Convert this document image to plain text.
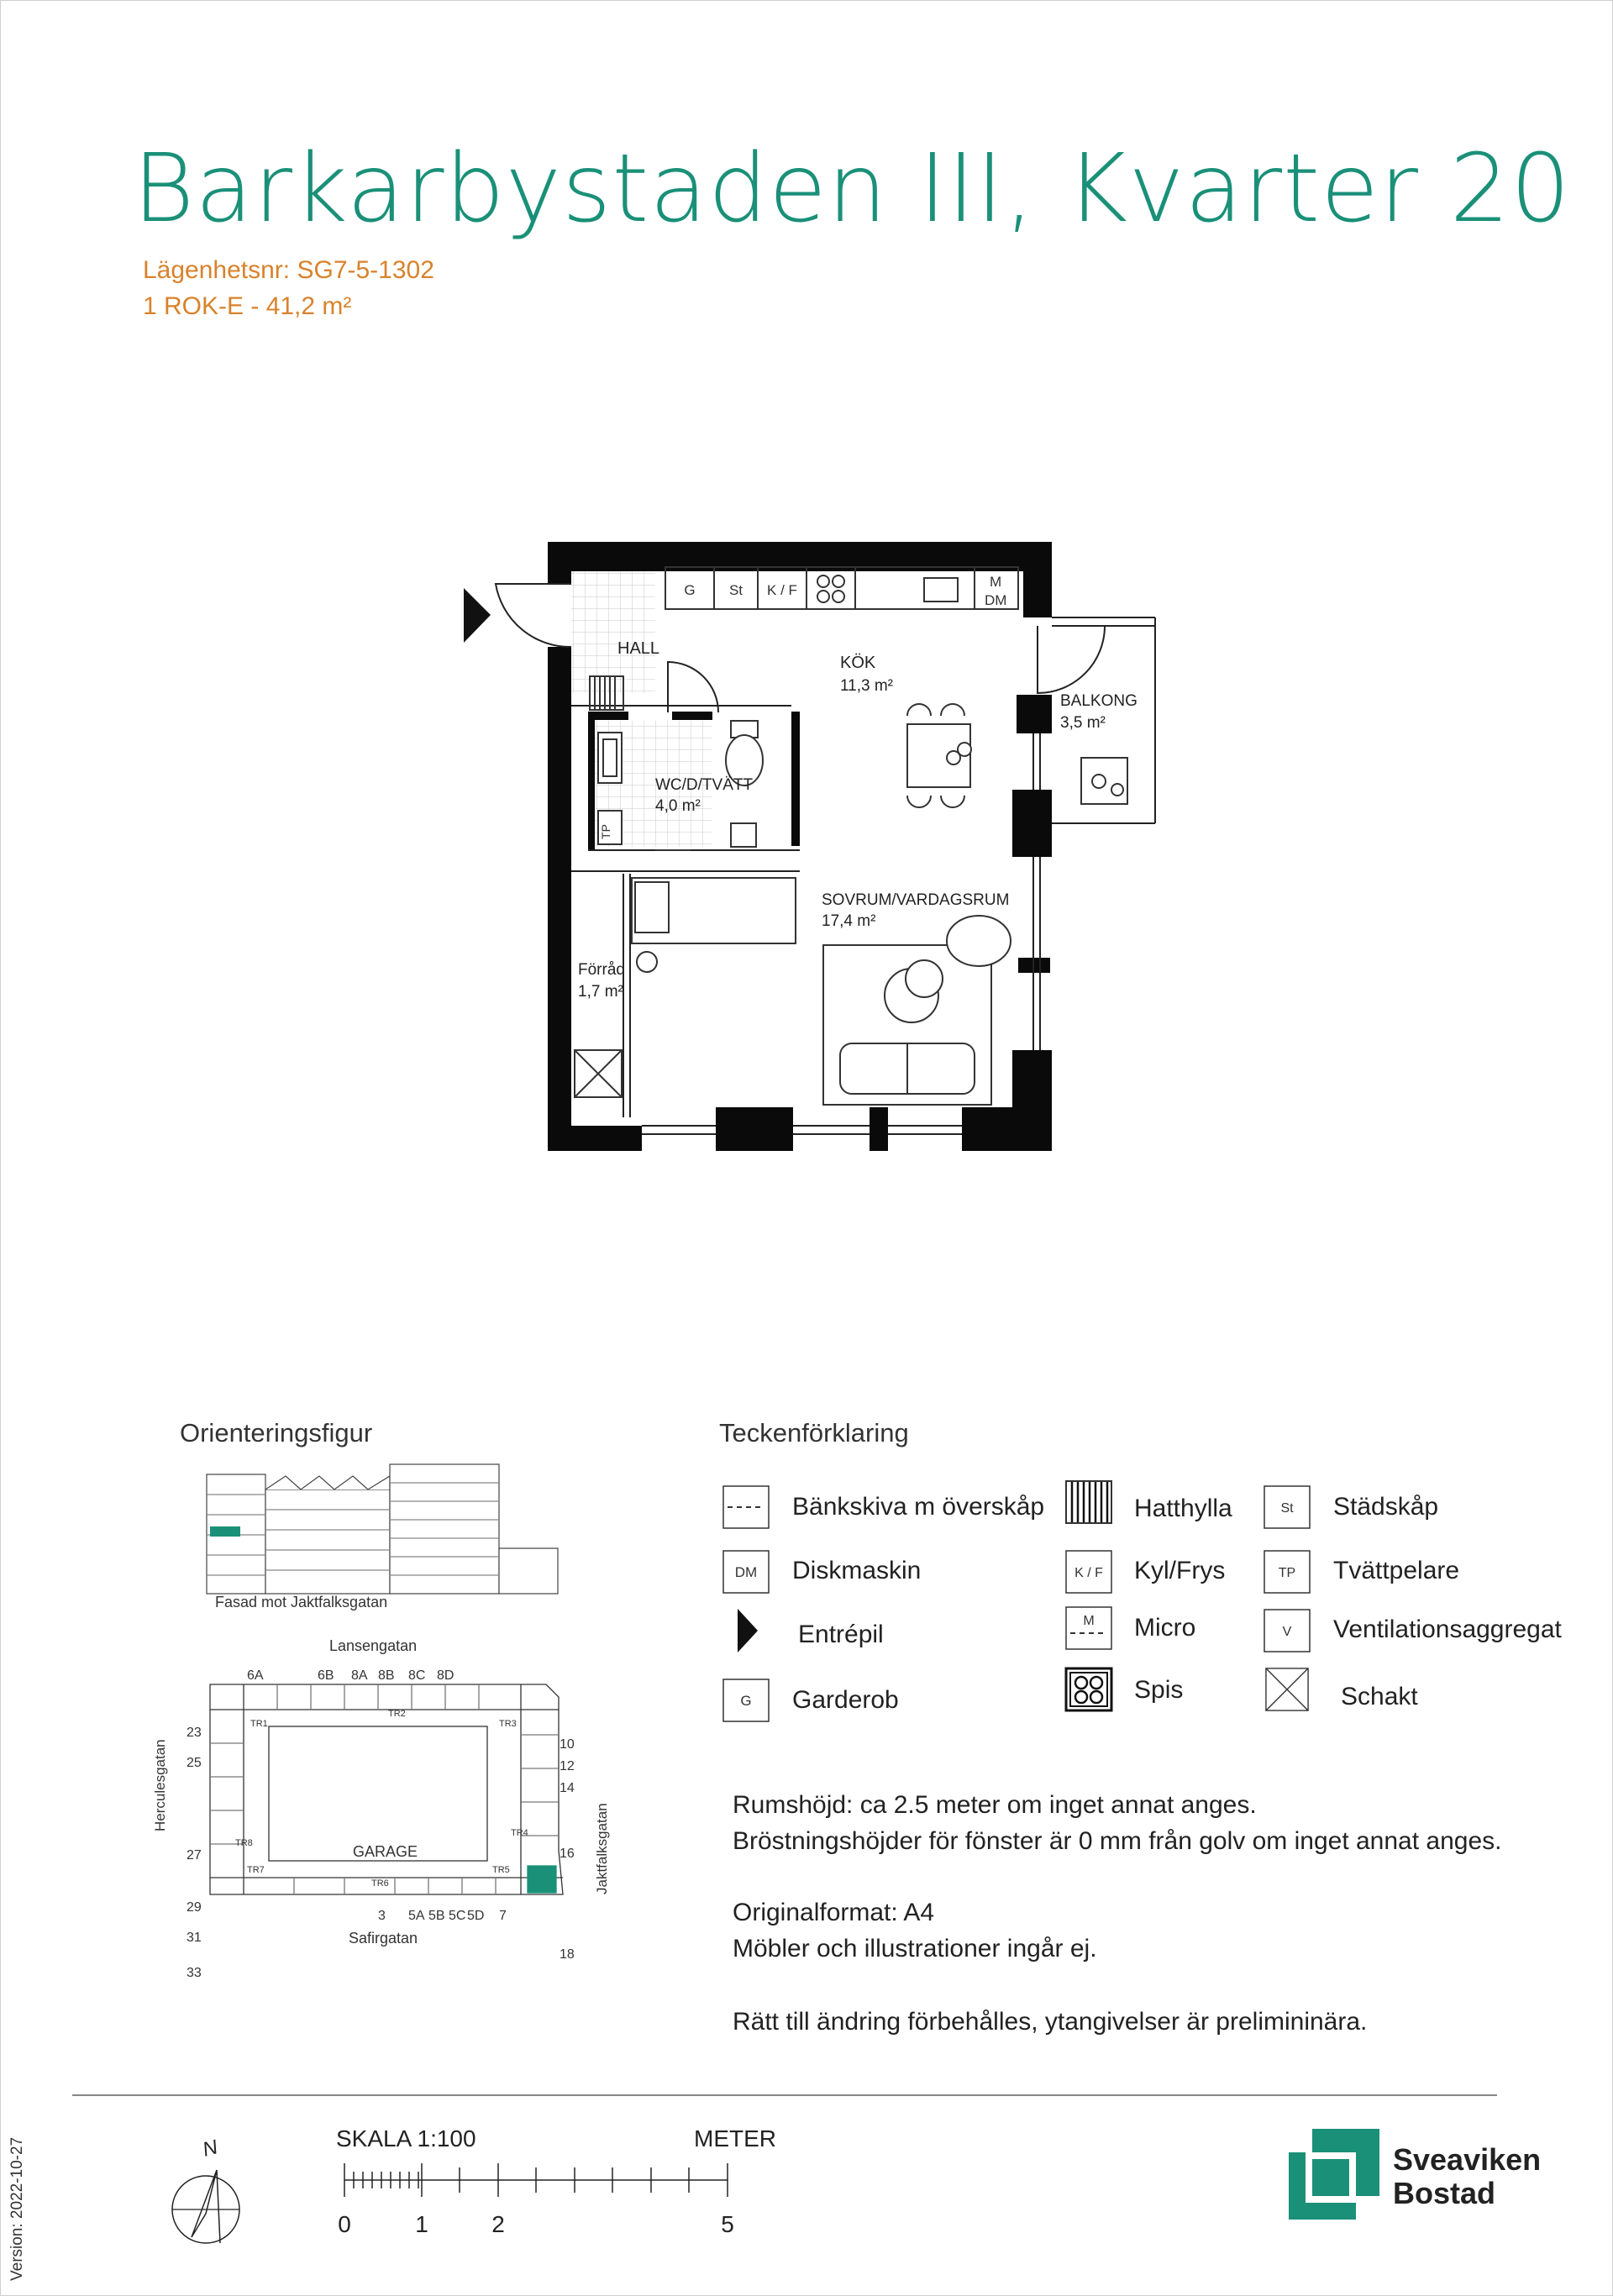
Barkarbystaden III, Kvarter 20
Lägenhetsnr: SG7-5-1302
1 ROK-E - 41,2 m²
G St K / F
M
DM
TP
HALL
KÖK
11,3 m²
BALKONG
3,5 m²
WC/D/TVÄTT
4,0 m²
SOVRUM/VARDAGSRUM
17,4 m²
Förråd
1,7 m²
Orienteringsfigur
Fasad mot Jaktfalksgatan
Lansengatan
GARAGE
Herculesgatan
Jaktfalksgatan
Safirgatan
6A	6B 8A 8B 8C 8D
23
25
27
29
31
33
10
12
14
16
18
3 5A 5B 5C 5D 7
TR1
TR2
TR3
TR4
TR5
TR6
TR7
TR8
Teckenförklaring
Bänkskiva m överskåp
DM Diskmaskin
Entrépil
G Garderob
Hatthylla
K / F Kyl/Frys
M Micro
Spis
St Städskåp
TP Tvättpelare
V Ventilationsaggregat
Schakt
Rumshöjd: ca 2.5 meter om inget annat anges.
Bröstningshöjder för fönster är 0 mm från golv om inget annat anges.
Originalformat: A4
Möbler och illustrationer ingår ej.
Rätt till ändring förbehålles, ytangivelser är prelimininära.
Version: 2022-10-27	N	SKALA 1:100	METER
0	1	2	5
Sveaviken
Bostad
